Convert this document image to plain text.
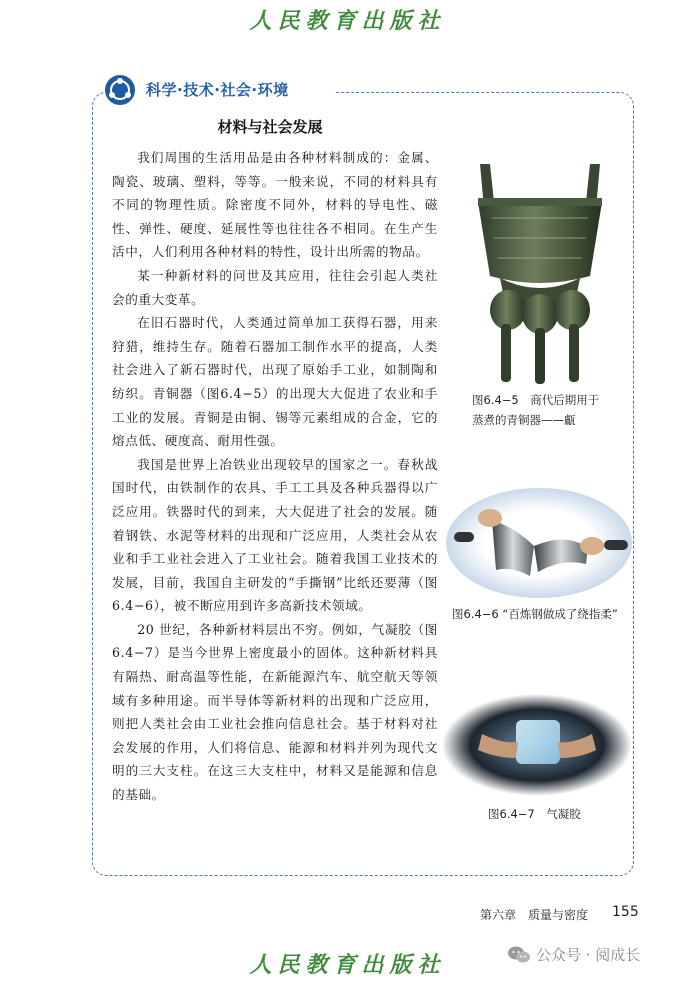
人民教育出版社
科学·技术·社会·环境
材料与社会发展

我们周围的生活用品是由各种材料制成的：金属、陶瓷、玻璃、塑料，等等。一般来说，不同的材料具有不同的物理性质。除密度不同外，材料的导电性、磁性、弹性、硬度、延展性等也往往各不相同。在生产生活中，人们利用各种材料的特性，设计出所需的物品。

某一种新材料的问世及其应用，往往会引起人类社会的重大变革。

在旧石器时代，人类通过简单加工获得石器，用来狩猎，维持生存。随着石器加工制作水平的提高，人类社会进入了新石器时代，出现了原始手工业，如制陶和纺织。青铜器（图6.4−5）的出现大大促进了农业和手工业的发展。青铜是由铜、锡等元素组成的合金，它的熔点低、硬度高、耐用性强。

我国是世界上冶铁业出现较早的国家之一。春秋战国时代，由铁制作的农具、手工工具及各种兵器得以广泛应用。铁器时代的到来，大大促进了社会的发展。随着钢铁、水泥等材料的出现和广泛应用，人类社会从农业和手工业社会进入了工业社会。随着我国工业技术的发展，目前，我国自主研发的“手撕钢”比纸还要薄（图6.4−6），被不断应用到许多高新技术领域。

20 世纪，各种新材料层出不穷。例如，气凝胶（图6.4−7）是当今世界上密度最小的固体。这种新材料具有隔热、耐高温等性能，在新能源汽车、航空航天等领域有多种用途。而半导体等新材料的出现和广泛应用，则把人类社会由工业社会推向信息社会。基于材料对社会发展的作用，人们将信息、能源和材料并列为现代文明的三大支柱。在这三大支柱中，材料又是能源和信息的基础。

图6.4−5　商代后期用于
蒸煮的青铜器——甗
图6.4−6 “百炼钢做成了绕指柔”
图6.4−7　气凝胶
第六章　质量与密度 155
人民教育出版社	公众号 · 阅成长
